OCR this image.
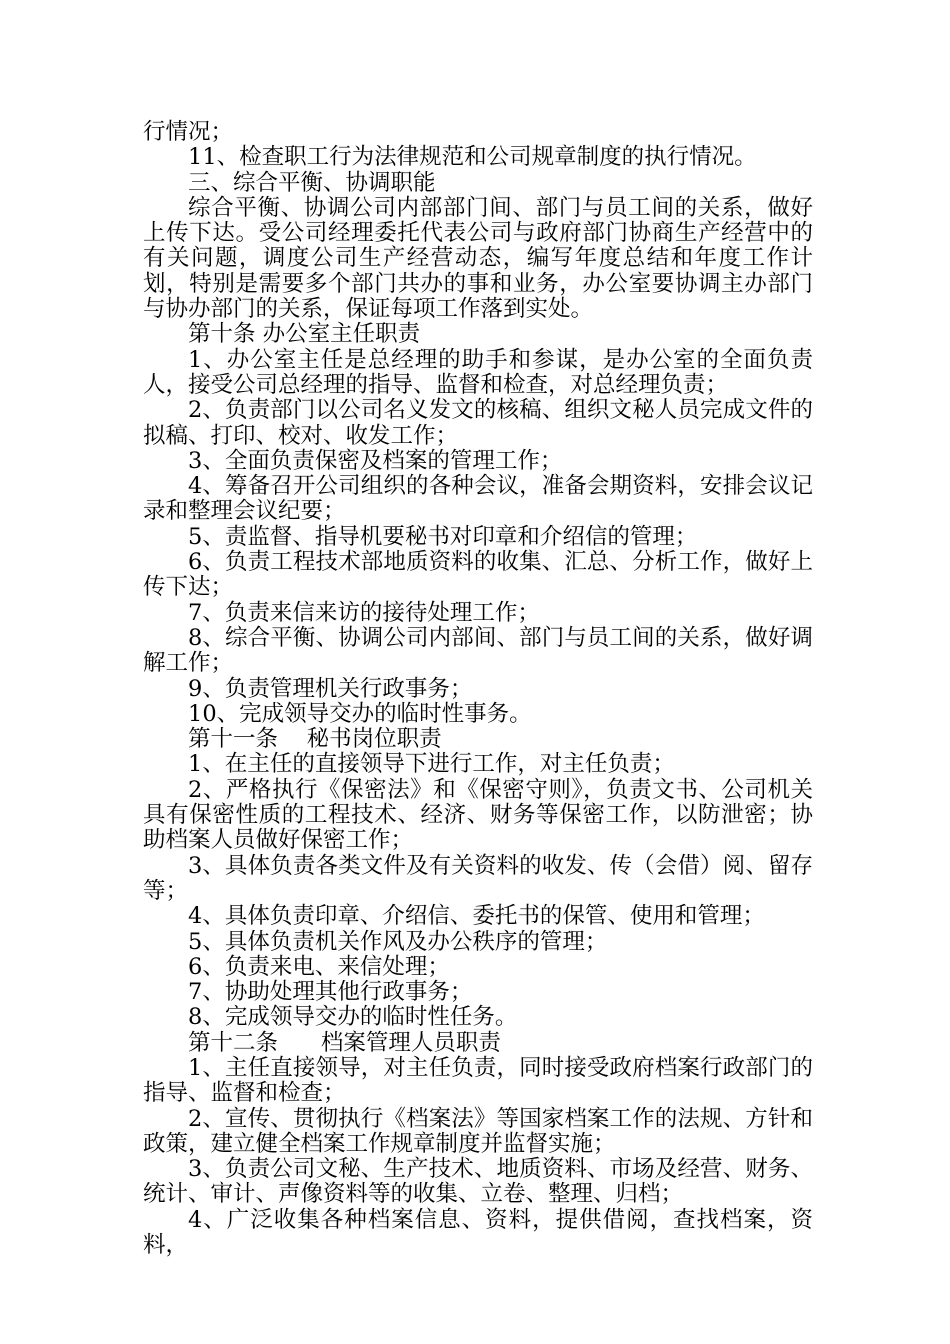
行情况；

11、检查职工行为法律规范和公司规章制度的执行情况。

三、综合平衡、协调职能

综合平衡、协调公司内部部门间、部门与员工间的关系，做好上传下达。受公司经理委托代表公司与政府部门协商生产经营中的有关问题，调度公司生产经营动态，编写年度总结和年度工作计划，特别是需要多个部门共办的事和业务，办公室要协调主办部门与协办部门的关系，保证每项工作落到实处。

第十条 办公室主任职责

1、办公室主任是总经理的助手和参谋，是办公室的全面负责人，接受公司总经理的指导、监督和检查，对总经理负责；

2、负责部门以公司名义发文的核稿、组织文秘人员完成文件的拟稿、打印、校对、收发工作；

3、全面负责保密及档案的管理工作；

4、筹备召开公司组织的各种会议，准备会期资料，安排会议记录和整理会议纪要；

5、责监督、指导机要秘书对印章和介绍信的管理；

6、负责工程技术部地质资料的收集、汇总、分析工作，做好上传下达；

7、负责来信来访的接待处理工作；

8、综合平衡、协调公司内部间、部门与员工间的关系，做好调解工作；

9、负责管理机关行政事务；

10、完成领导交办的临时性事务。

第十一条    秘书岗位职责

1、在主任的直接领导下进行工作，对主任负责；

2、严格执行《保密法》和《保密守则》，负责文书、公司机关具有保密性质的工程技术、经济、财务等保密工作，以防泄密；协助档案人员做好保密工作；

3、具体负责各类文件及有关资料的收发、传（会借）阅、留存等；

4、具体负责印章、介绍信、委托书的保管、使用和管理；

5、具体负责机关作风及办公秩序的管理；

6、负责来电、来信处理；

7、协助处理其他行政事务；

8、完成领导交办的临时性任务。

第十二条      档案管理人员职责

1、主任直接领导，对主任负责，同时接受政府档案行政部门的指导、监督和检查；

2、宣传、贯彻执行《档案法》等国家档案工作的法规、方针和政策，建立健全档案工作规章制度并监督实施；

3、负责公司文秘、生产技术、地质资料、市场及经营、财务、统计、审计、声像资料等的收集、立卷、整理、归档；

4、广泛收集各种档案信息、资料，提供借阅，查找档案，资料，
